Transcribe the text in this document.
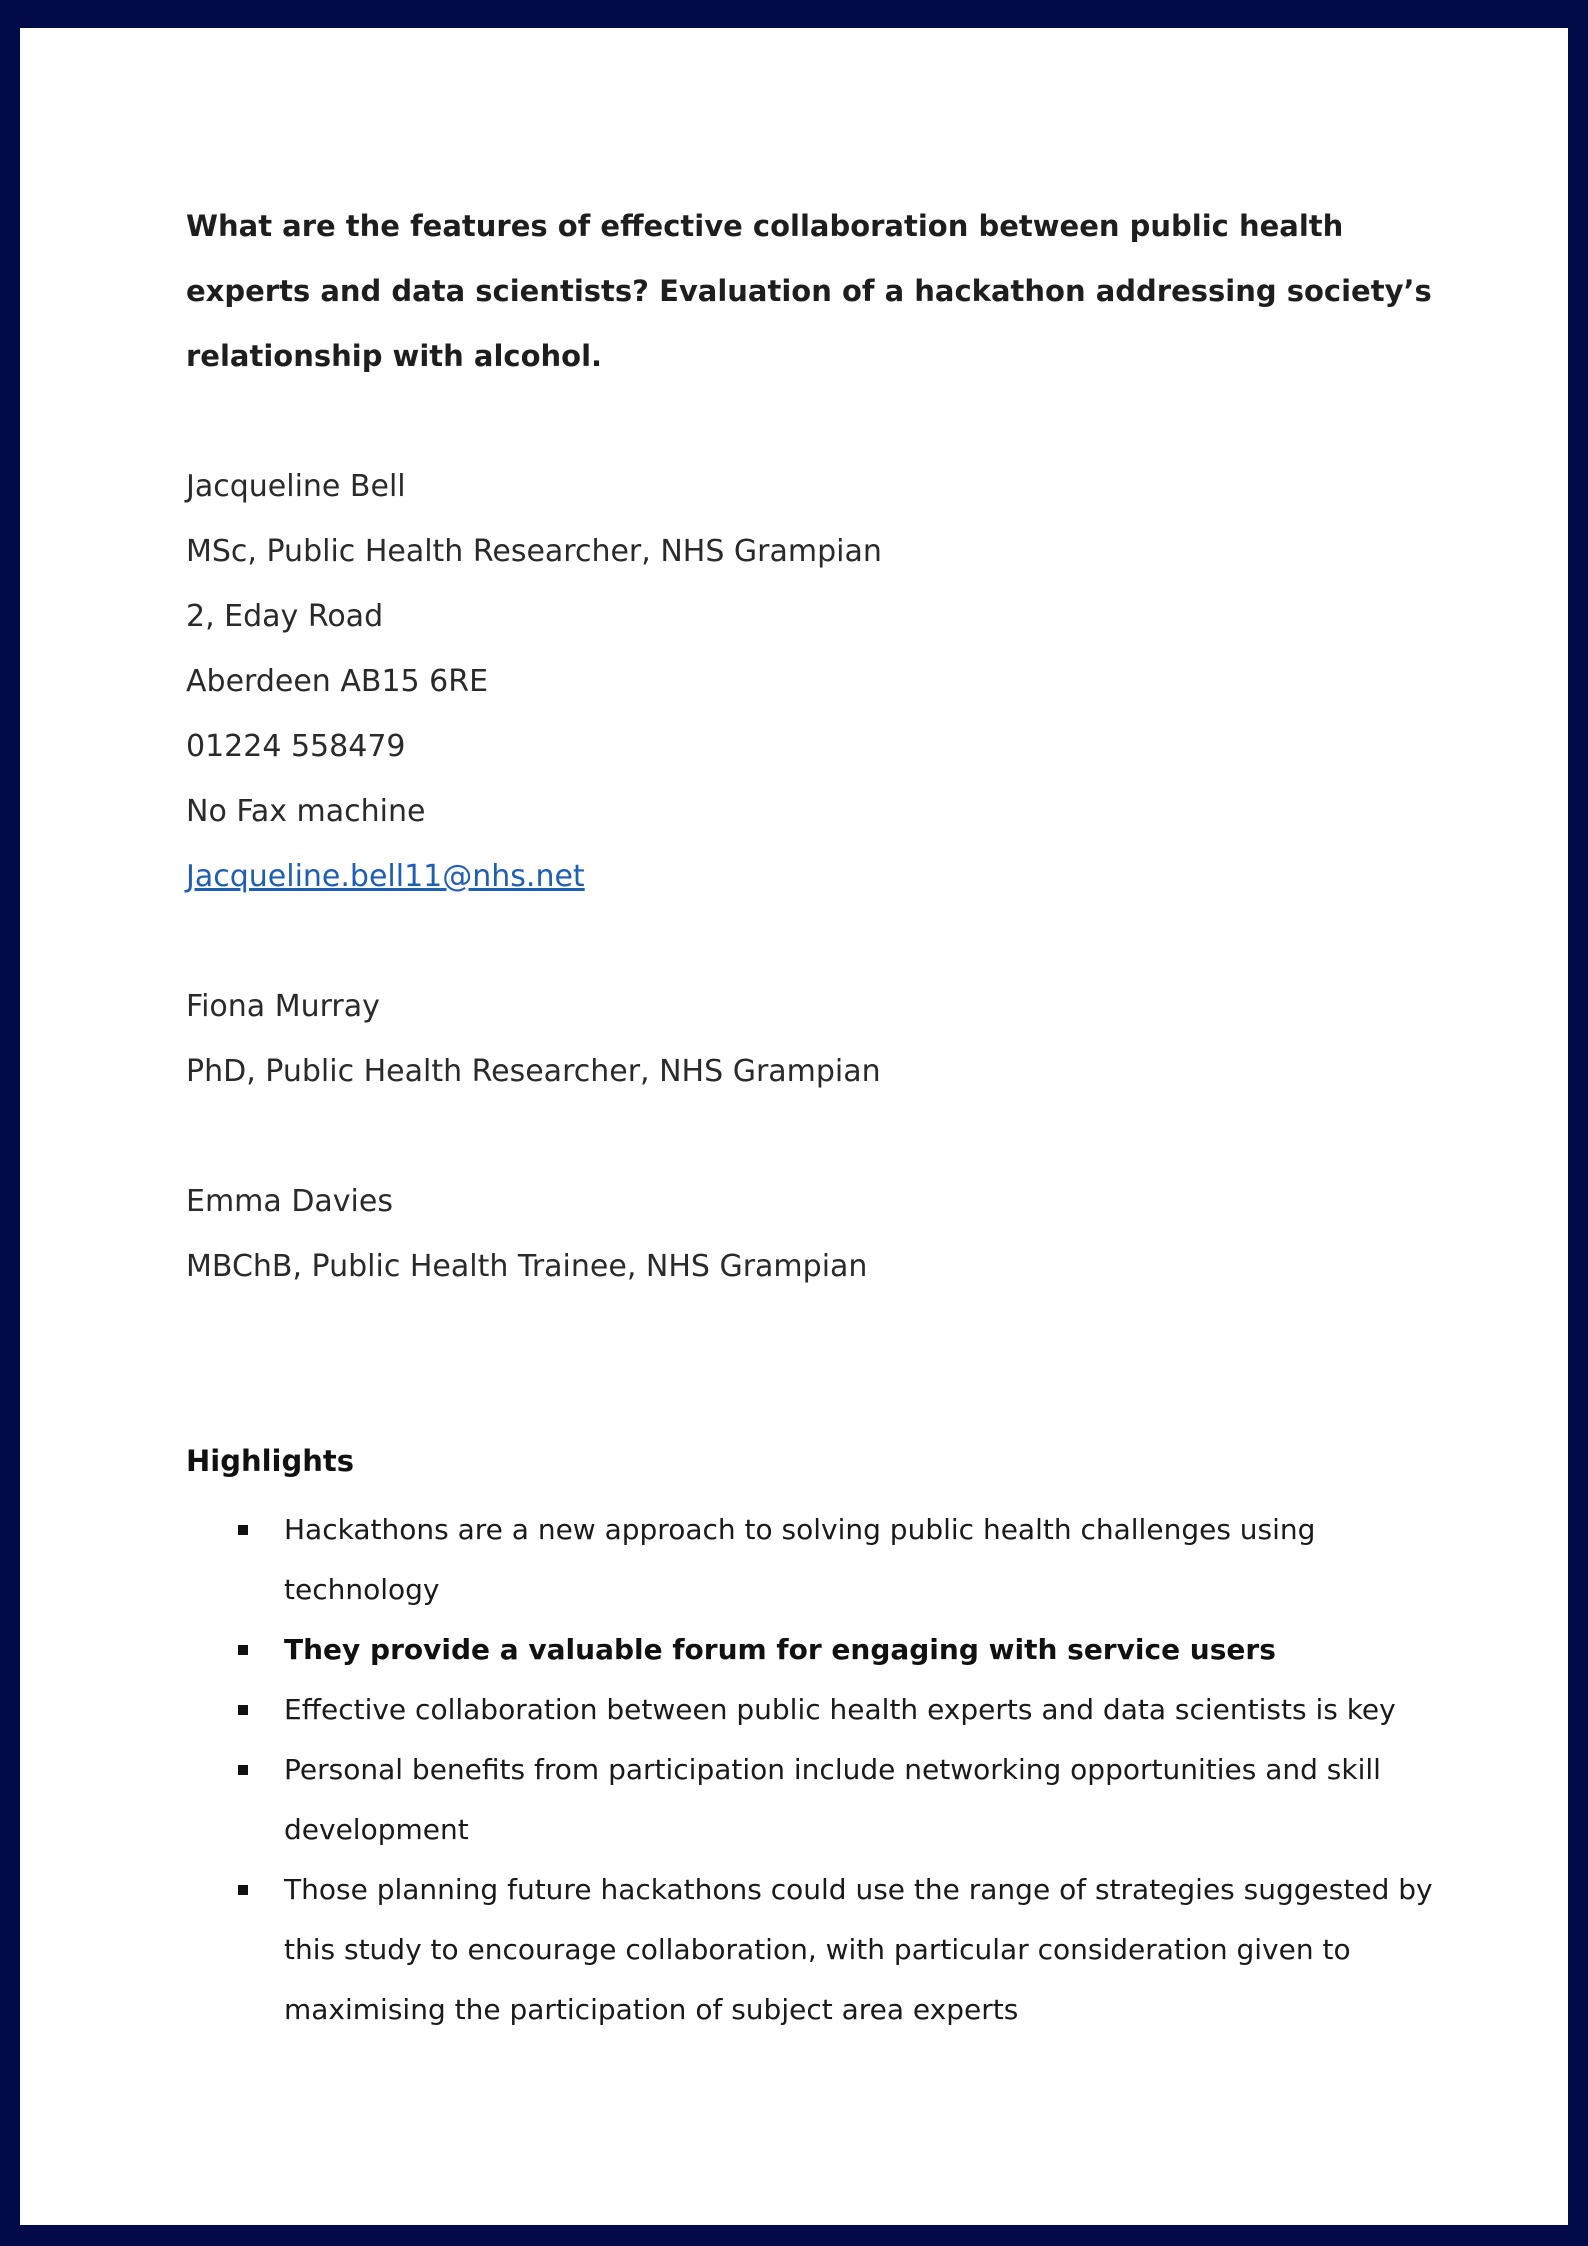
What are the features of effective collaboration between public health experts and data scientists? Evaluation of a hackathon addressing society’s relationship with alcohol.

Jacqueline Bell

MSc, Public Health Researcher, NHS Grampian

2, Eday Road

Aberdeen AB15 6RE

01224 558479

No Fax machine

Jacqueline.bell11@nhs.net

Fiona Murray

PhD, Public Health Researcher, NHS Grampian

Emma Davies

MBChB, Public Health Trainee, NHS Grampian

Highlights
Hackathons are a new approach to solving public health challenges using technology
They provide a valuable forum for engaging with service users
Effective collaboration between public health experts and data scientists is key
Personal benefits from participation include networking opportunities and skill development
Those planning future hackathons could use the range of strategies suggested by this study to encourage collaboration, with particular consideration given to maximising the participation of subject area experts
